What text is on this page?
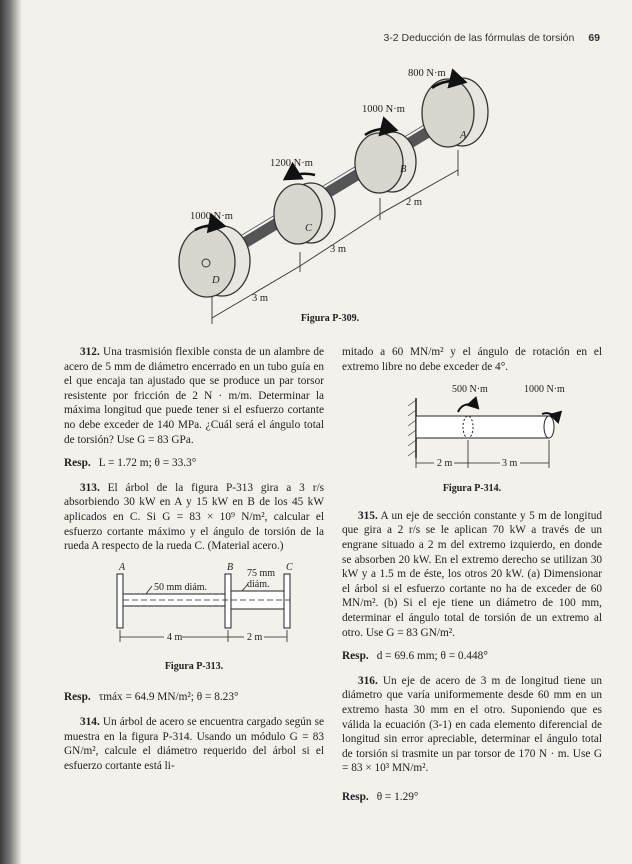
3-2 Deducción de las fórmulas de torsión 69
800 N·m
1000 N·m
1200 N·m
1000 N·m
A
B
C
D
2 m
3 m
3 m
Figura P-309.

312. Una trasmisión flexible consta de un alambre de acero de 5 mm de diámetro encerrado en un tubo guía en el que encaja tan ajustado que se produce un par torsor resistente por fricción de 2 N · m/m. Determinar la máxima longitud que puede tener si el esfuerzo cortante no debe exceder de 140 MPa. ¿Cuál será el ángulo total de torsión? Use G = 83 GPa.

Resp. L = 1.72 m; θ = 33.3°

313. El árbol de la figura P-313 gira a 3 r/s absorbiendo 30 kW en A y 15 kW en B de los 45 kW aplicados en C. Si G = 83 × 10⁹ N/m², calcular el esfuerzo cortante máximo y el ángulo de torsión de la rueda A respecto de la rueda C. (Material acero.)

A	B	C
50 mm diám.
75 mm
diám.
4 m	2 m
Figura P-313.

Resp. τmáx = 64.9 MN/m²; θ = 8.23°

314. Un árbol de acero se encuentra cargado según se muestra en la figura P-314. Usando un módulo G = 83 GN/m², calcule el diámetro requerido del árbol si el esfuerzo cortante está li-

mitado a 60 MN/m² y el ángulo de rotación en el extremo libre no debe exceder de 4°.

500 N·m	1000 N·m
2 m	3 m
Figura P-314.

315. A un eje de sección constante y 5 m de longitud que gira a 2 r/s se le aplican 70 kW a través de un engrane situado a 2 m del extremo izquierdo, en donde se absorben 20 kW. En el extremo derecho se utilizan 30 kW y a 1.5 m de éste, los otros 20 kW. (a) Dimensionar el árbol si el esfuerzo cortante no ha de exceder de 60 MN/m². (b) Si el eje tiene un diámetro de 100 mm, determinar el ángulo total de torsión de un extremo al otro. Use G = 83 GN/m².

Resp. d = 69.6 mm; θ = 0.448°

316. Un eje de acero de 3 m de longitud tiene un diámetro que varía uniformemente desde 60 mm en un extremo hasta 30 mm en el otro. Suponiendo que es válida la ecuación (3-1) en cada elemento diferencial de longitud sin error apreciable, determinar el ángulo total de torsión si trasmite un par torsor de 170 N · m. Use G = 83 × 10³ MN/m².

Resp. θ = 1.29°
